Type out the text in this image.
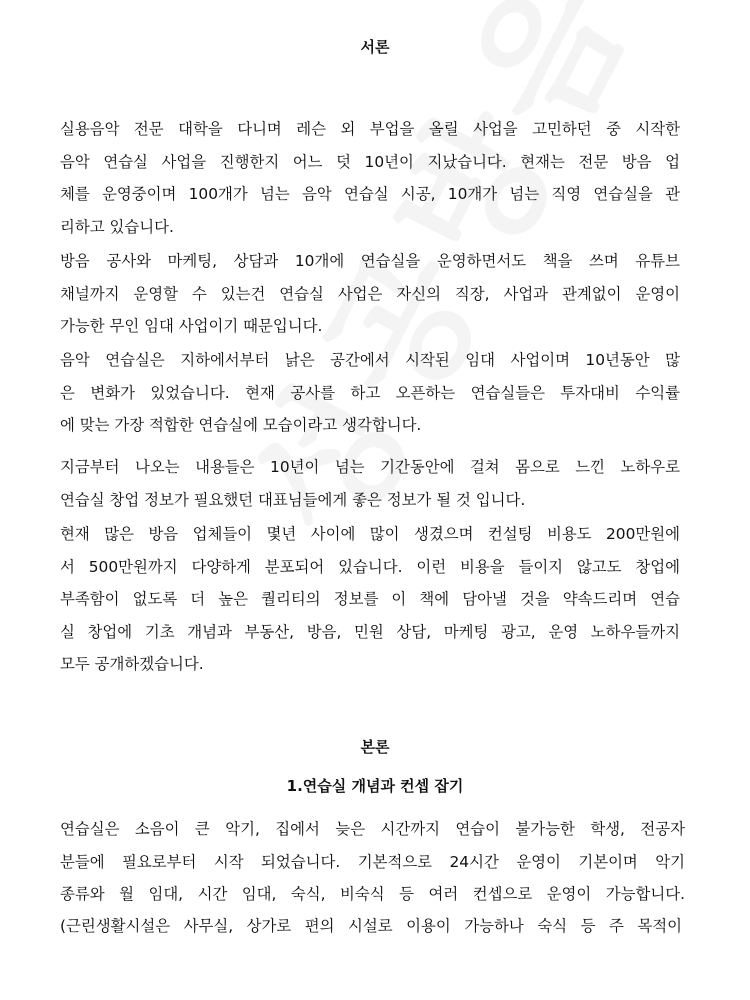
서론
실용음악 전문 대학을 다니며 레슨 외 부업을 올릴 사업을 고민하던 중 시작한
음악 연습실 사업을 진행한지 어느 덧 10년이 지났습니다. 현재는 전문 방음 업
체를 운영중이며 100개가 넘는 음악 연습실 시공, 10개가 넘는 직영 연습실을 관
리하고 있습니다.
방음 공사와 마케팅, 상담과 10개에 연습실을 운영하면서도 책을 쓰며 유튜브
채널까지 운영할 수 있는건 연습실 사업은 자신의 직장, 사업과 관계없이 운영이
가능한 무인 임대 사업이기 때문입니다.
음악 연습실은 지하에서부터 낡은 공간에서 시작된 임대 사업이며 10년동안 많
은 변화가 있었습니다. 현재 공사를 하고 오픈하는 연습실들은 투자대비 수익률
에 맞는 가장 적합한 연습실에 모습이라고 생각합니다.
지금부터 나오는 내용들은 10년이 넘는 기간동안에 걸쳐 몸으로 느낀 노하우로
연습실 창업 정보가 필요했던 대표님들에게 좋은 정보가 될 것 입니다.
현재 많은 방음 업체들이 몇년 사이에 많이 생겼으며 컨설팅 비용도 200만원에
서 500만원까지 다양하게 분포되어 있습니다. 이런 비용을 들이지 않고도 창업에
부족함이 없도록 더 높은 퀄리티의 정보를 이 책에 담아낼 것을 약속드리며 연습
실 창업에 기초 개념과 부동산, 방음, 민원 상담, 마케팅 광고, 운영 노하우들까지
모두 공개하겠습니다.
본론
1.연습실 개념과 컨셉 잡기
연습실은 소음이 큰 악기, 집에서 늦은 시간까지 연습이 불가능한 학생, 전공자
분들에 필요로부터 시작 되었습니다. 기본적으로 24시간 운영이 기본이며 악기
종류와 월 임대, 시간 임대, 숙식, 비숙식 등 여러 컨셉으로 운영이 가능합니다.
(근린생활시설은 사무실, 상가로 편의 시설로 이용이 가능하나 숙식 등 주 목적이
